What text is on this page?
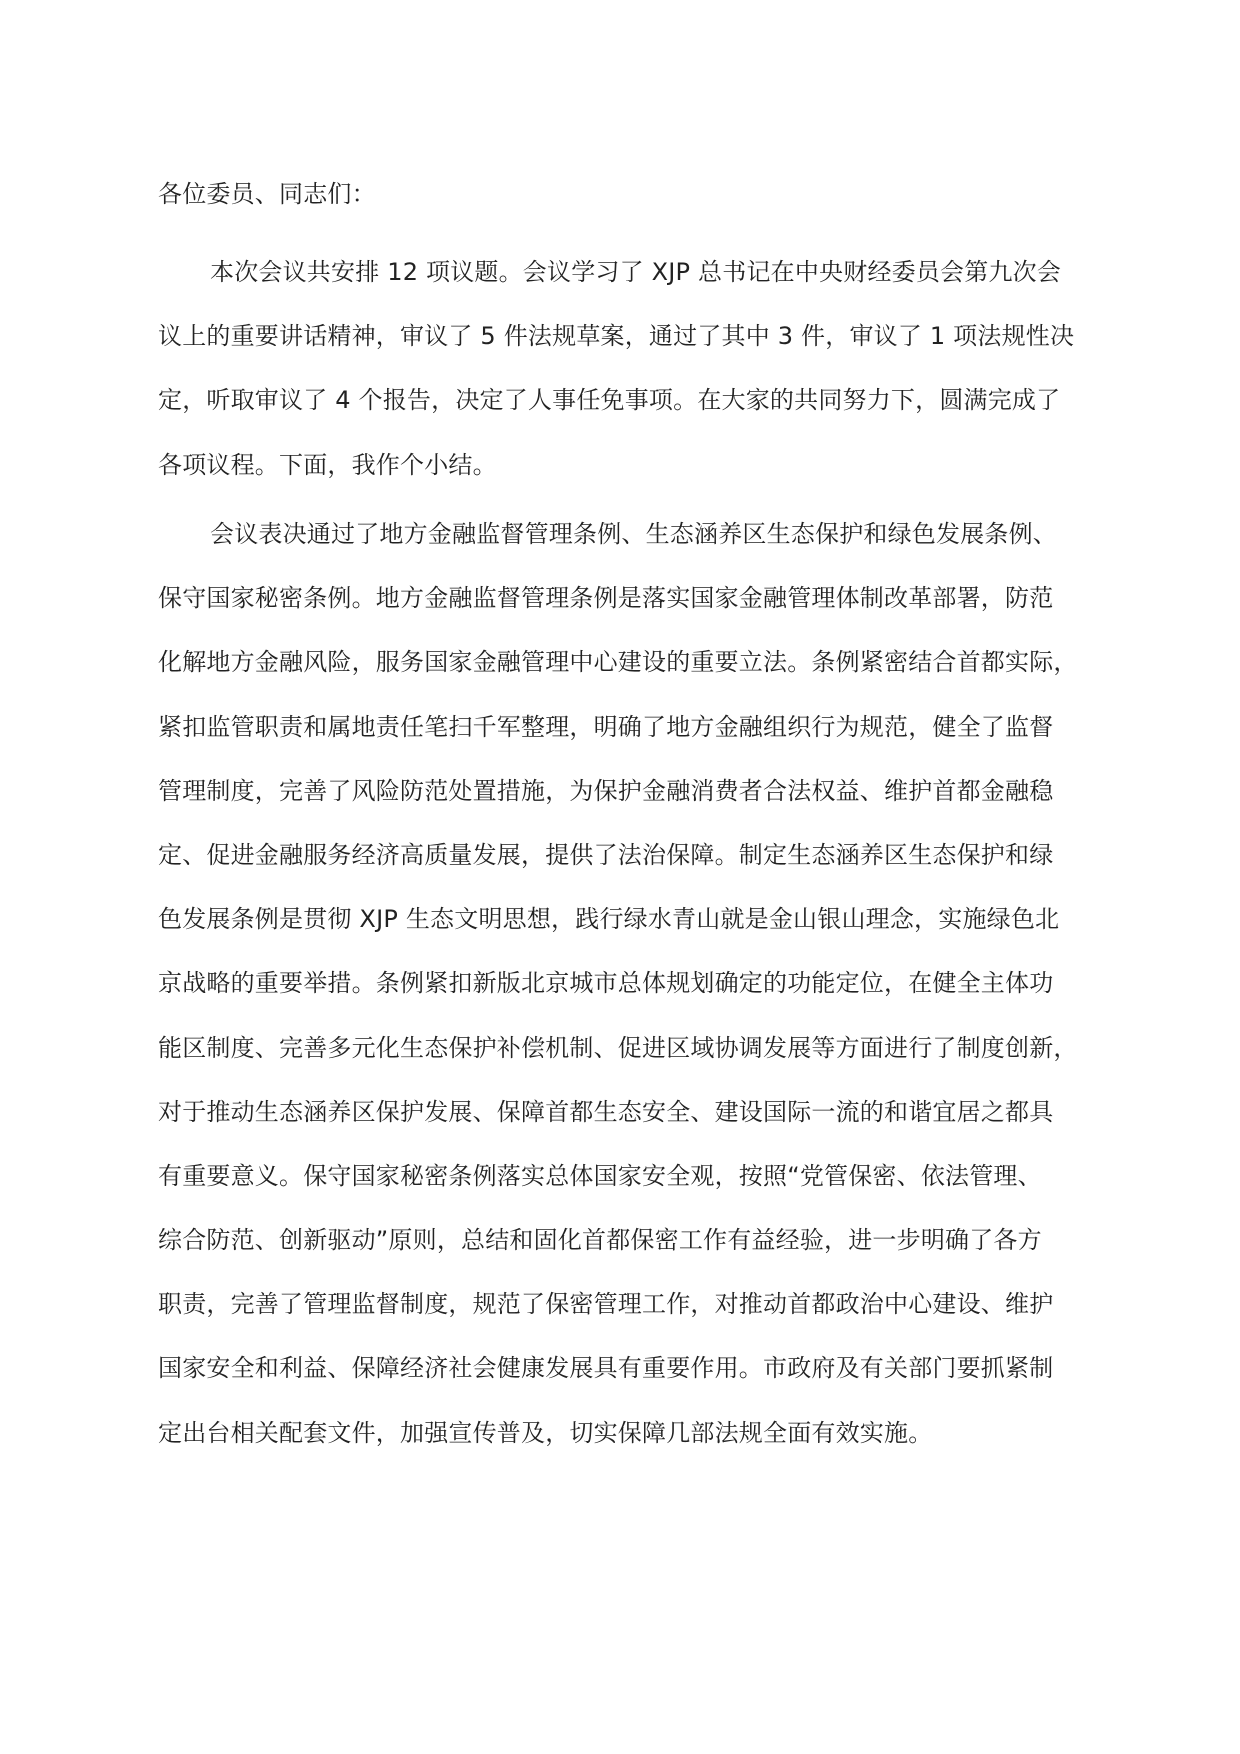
各位委员、同志们：
本次会议共安排 12 项议题。会议学习了 XJP 总书记在中央财经委员会第九次会
议上的重要讲话精神，审议了 5 件法规草案，通过了其中 3 件，审议了 1 项法规性决
定，听取审议了 4 个报告，决定了人事任免事项。在大家的共同努力下，圆满完成了
各项议程。下面，我作个小结。
会议表决通过了地方金融监督管理条例、生态涵养区生态保护和绿色发展条例、
保守国家秘密条例。地方金融监督管理条例是落实国家金融管理体制改革部署，防范
化解地方金融风险，服务国家金融管理中心建设的重要立法。条例紧密结合首都实际，
紧扣监管职责和属地责任笔扫千军整理，明确了地方金融组织行为规范，健全了监督
管理制度，完善了风险防范处置措施，为保护金融消费者合法权益、维护首都金融稳
定、促进金融服务经济高质量发展，提供了法治保障。制定生态涵养区生态保护和绿
色发展条例是贯彻 XJP 生态文明思想，践行绿水青山就是金山银山理念，实施绿色北
京战略的重要举措。条例紧扣新版北京城市总体规划确定的功能定位，在健全主体功
能区制度、完善多元化生态保护补偿机制、促进区域协调发展等方面进行了制度创新，
对于推动生态涵养区保护发展、保障首都生态安全、建设国际一流的和谐宜居之都具
有重要意义。保守国家秘密条例落实总体国家安全观，按照“党管保密、依法管理、
综合防范、创新驱动”原则，总结和固化首都保密工作有益经验，进一步明确了各方
职责，完善了管理监督制度，规范了保密管理工作，对推动首都政治中心建设、维护
国家安全和利益、保障经济社会健康发展具有重要作用。市政府及有关部门要抓紧制
定出台相关配套文件，加强宣传普及，切实保障几部法规全面有效实施。
